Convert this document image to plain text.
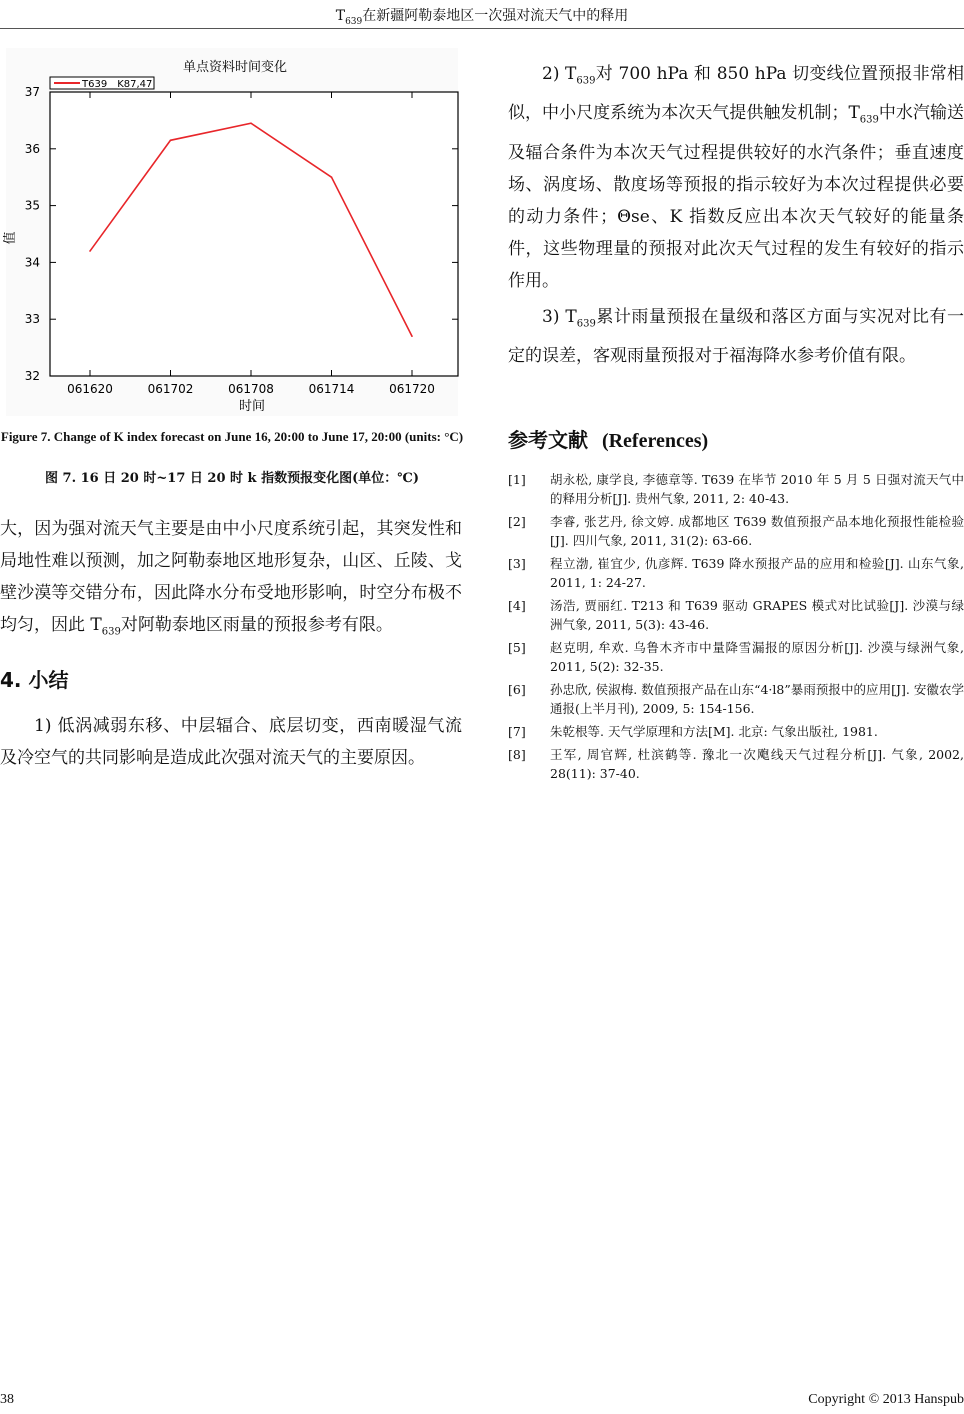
$T_{639}$在新疆阿勒泰地区一次强对流天气中的释用
单点资料时间变化
时间
值
32
33
34
35
36
37
061620	061702	061708	061714	061720
T639__K87,47
Figure 7. Change of K index forecast on June 16, 20:00 to June 17, 20:00 (units: °C)
图 7. 16 日 20 时~17 日 20 时 k 指数预报变化图(单位：℃)

大，因为强对流天气主要是由中小尺度系统引起，其突发性和局地性难以预测，加之阿勒泰地区地形复杂，山区、丘陵、戈壁沙漠等交错分布，因此降水分布受地形影响，时空分布极不均匀，因此 $T_{639}$对阿勒泰地区雨量的预报参考有限。

4. 小结

1) 低涡减弱东移、中层辐合、底层切变，西南暖湿气流及冷空气的共同影响是造成此次强对流天气的主要原因。

2) $T_{639}$对 700 hPa 和 850 hPa 切变线位置预报非常相似，中小尺度系统为本次天气提供触发机制；$T_{639}$中水汽输送及辐合条件为本次天气过程提供较好的水汽条件；垂直速度场、涡度场、散度场等预报的指示较好为本次过程提供必要的动力条件；Θse、K 指数反应出本次天气较好的能量条件，这些物理量的预报对此次天气过程的发生有较好的指示作用。

3) $T_{639}$累计雨量预报在量级和落区方面与实况对比有一定的误差，客观雨量预报对于福海降水参考价值有限。

参考文献 (References)
[1]	胡永松, 康学良, 李德章等. T639 在毕节 2010 年 5 月 5 日强对流天气中的释用分析[J]. 贵州气象, 2011, 2: 40-43.
[2]	李睿, 张艺丹, 徐文婷. 成都地区 T639 数值预报产品本地化预报性能检验[J]. 四川气象, 2011, 31(2): 63-66.
[3]	程立渤, 崔宜少, 仇彦辉. T639 降水预报产品的应用和检验[J]. 山东气象, 2011, 1: 24-27.
[4]	汤浩, 贾丽红. T213 和 T639 驱动 GRAPES 模式对比试验[J]. 沙漠与绿洲气象, 2011, 5(3): 43-46.
[5]	赵克明, 牟欢. 乌鲁木齐市中量降雪漏报的原因分析[J]. 沙漠与绿洲气象, 2011, 5(2): 32-35.
[6]	孙忠欣, 侯淑梅. 数值预报产品在山东“4·l8”暴雨预报中的应用[J]. 安徽农学通报(上半月刊), 2009, 5: 154-156.
[7]	朱乾根等. 天气学原理和方法[M]. 北京: 气象出版社, 1981.
[8]	王军, 周官辉, 杜滨鹤等. 豫北一次飑线天气过程分析[J]. 气象, 2002, 28(11): 37-40.
38	Copyright © 2013 Hanspub
